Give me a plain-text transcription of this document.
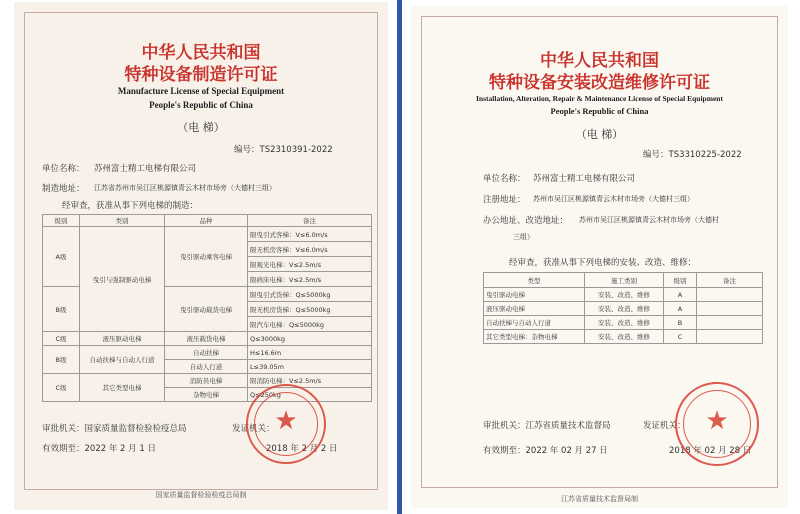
中华人民共和国
特种设备制造许可证
Manufacture License of Special Equipment
People's Republic of China
（电 梯）
编号：TS2310391-2022
单位名称： 苏州富士精工电梯有限公司
制造地址： 江苏省苏州市吴江区桃源镇青云木材市场旁（大德村三组）
经审查，获准从事下列电梯的制造：
级别	类别	品种	备注
A级	曳引与强制驱动电梯	曳引驱动乘客电梯	限曳引式客梯：V≤6.0m/s
			限无机房客梯：V≤6.0m/s
			限观光电梯：V≤2.5m/s
			限病床电梯：V≤2.5m/s
B级		曳引驱动载货电梯	限曳引式货梯：Q≤5000kg
			限无机房货梯：Q≤5000kg
			限汽车电梯：Q≤5000kg
C级	液压驱动电梯	液压载货电梯	Q≤3000kg
B级	自动扶梯与自动人行道	自动扶梯	H≤16.6m
		自动人行道	L≤39.05m
C级	其它类型电梯	消防员电梯	限消防电梯：V≤2.5m/s
		杂物电梯	Q≤250kg
审批机关：国家质量监督检验检疫总局	发证机关：
有效期至：2022 年 2 月 1 日	2018 年 2 月 2 日
★
国家质量监督检验检疫总局制
中华人民共和国
特种设备安装改造维修许可证
Installation, Alteration, Repair & Maintenance License of Special Equipment
People's Republic of China
（电 梯）
编号：TS3310225-2022
单位名称： 苏州富士精工电梯有限公司
注册地址： 苏州市吴江区桃源镇青云木材市场旁（大德村三组）
办公地址、改造地址： 苏州市吴江区桃源镇青云木材市场旁（大德村
三组）
经审查，获准从事下列电梯的安装、改造、维修：
类型	施工类别	级别	备注
曳引驱动电梯	安装、改造、维修	A	
液压驱动电梯	安装、改造、维修	A	
自动扶梯与自动人行道	安装、改造、维修	B	
其它类型电梯：杂物电梯	安装、改造、维修	C	
审批机关：江苏省质量技术监督局	发证机关：
有效期至：2022 年 02 月 27 日	2018 年 02 月 28 日
★
江苏省质量技术监督局制
